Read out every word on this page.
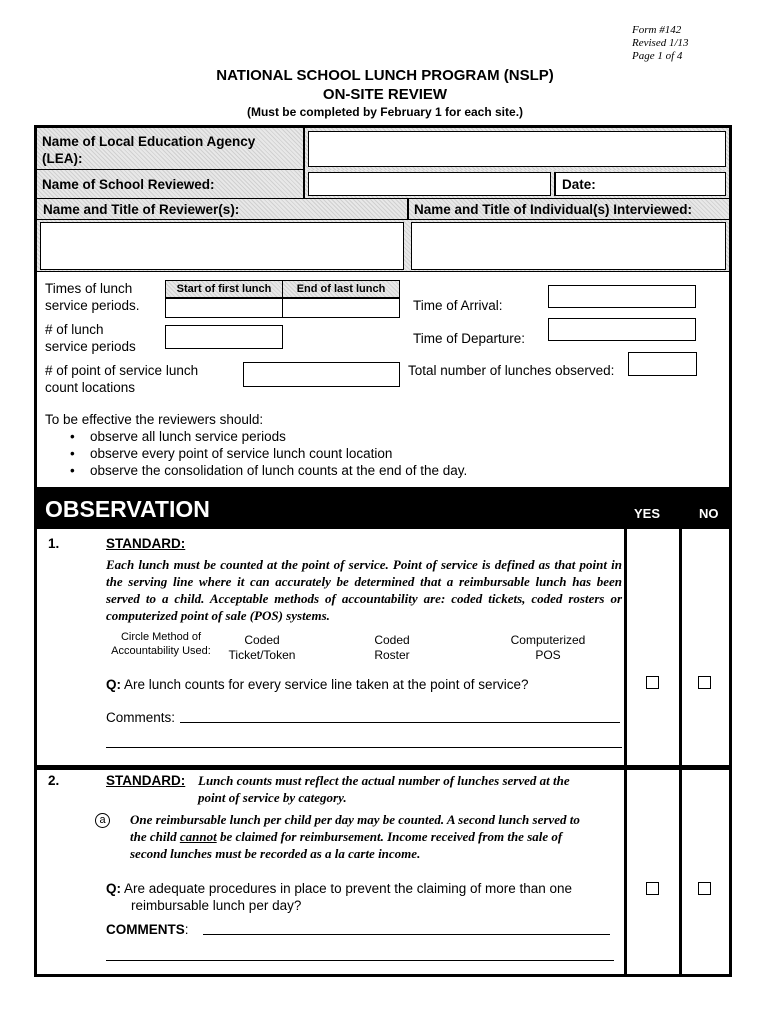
Form #142
Revised 1/13
Page 1 of 4
NATIONAL SCHOOL LUNCH PROGRAM (NSLP)
ON-SITE REVIEW
(Must be completed by February 1 for each site.)
Name of Local Education Agency
(LEA):
Name of School Reviewed:	Date:
Name and Title of Reviewer(s):	Name and Title of Individual(s) Interviewed:
Times of lunch
service periods.
Start of first lunch	End of last lunch
# of lunch
service periods
# of point of service lunch
count locations
Time of Arrival:
Time of Departure:
Total number of lunches observed:
To be effective the reviewers should:
• observe all lunch service periods
• observe every point of service lunch count location
• observe the consolidation of lunch counts at the end of the day.
OBSERVATION	YES	NO
1.	STANDARD:
Each lunch must be counted at the point of service. Point of service is defined as that point in the serving line where it can accurately be determined that a reimbursable lunch has been served to a child. Acceptable methods of accountability are: coded tickets, coded rosters or computerized point of sale (POS) systems.
Circle Method of
Accountability Used:
Coded
Ticket/Token
Coded
Roster
Computerized
POS
Q: Are lunch counts for every service line taken at the point of service?
Comments:
2.	STANDARD: Lunch counts must reflect the actual number of lunches served at the
point of service by category.
a	One reimbursable lunch per child per day may be counted. A second lunch served to
the child cannot be claimed for reimbursement. Income received from the sale of
second lunches must be recorded as a la carte income.
Q: Are adequate procedures in place to prevent the claiming of more than one
reimbursable lunch per day?
COMMENTS:
